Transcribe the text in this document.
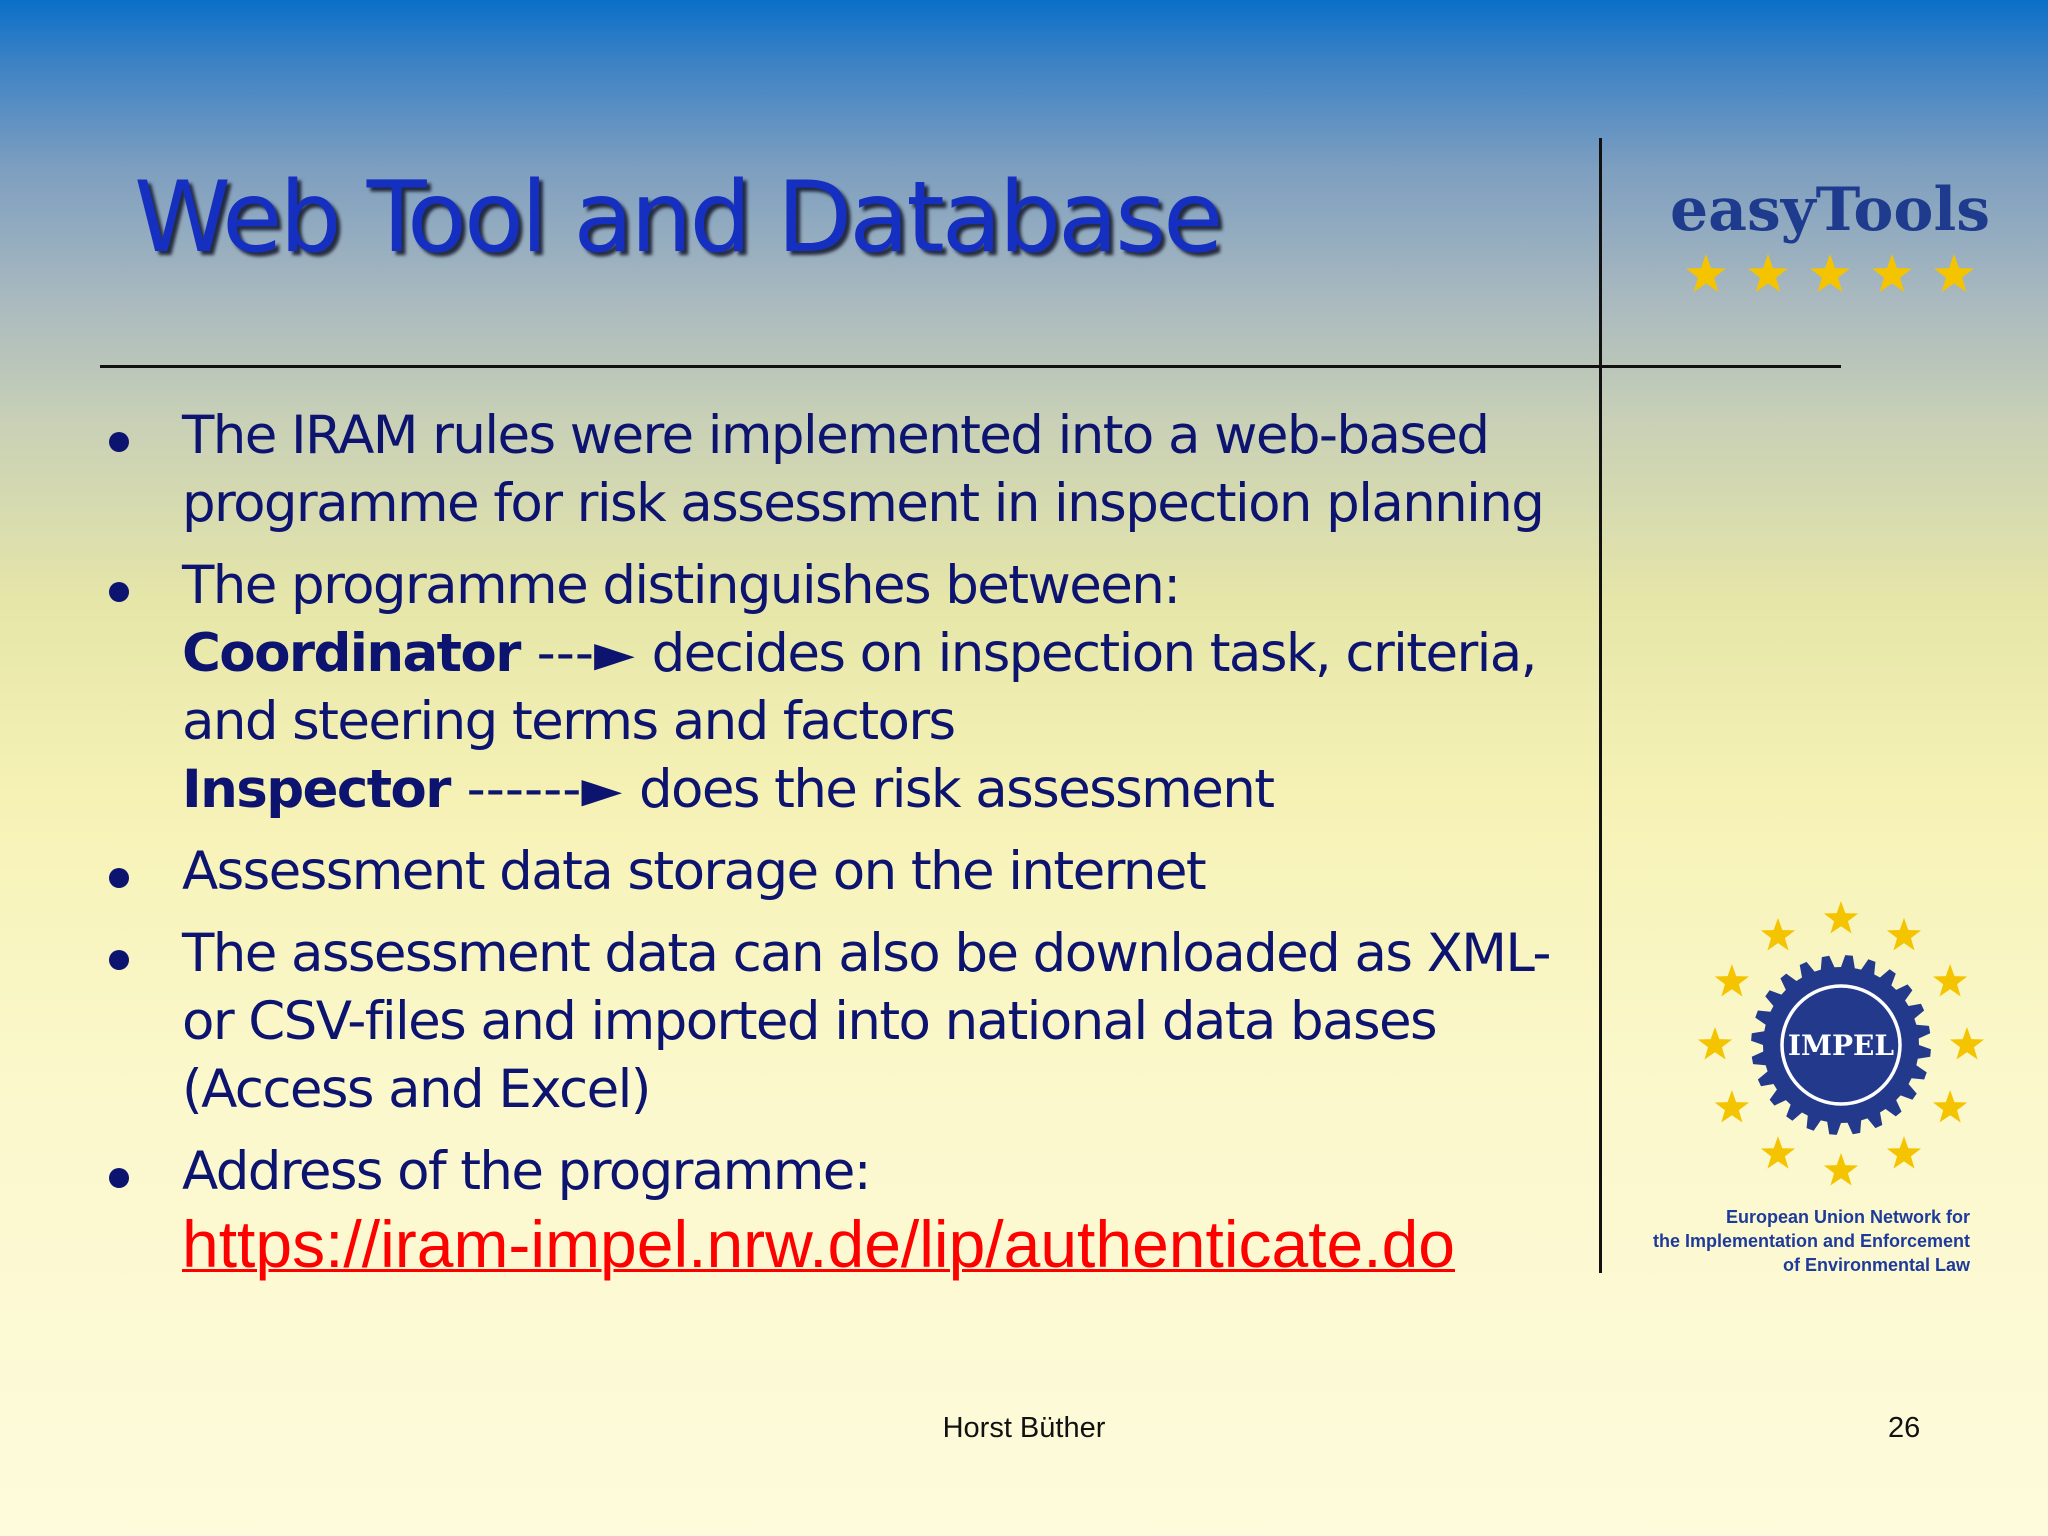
Web Tool and Database	easyTools
The IRAM rules were implemented into a web-based
programme for risk assessment in inspection planning
The programme distinguishes between:
Coordinator ---► decides on inspection task, criteria,
and steering terms and factors
Inspector ------► does the risk assessment
Assessment data storage on the internet
The assessment data can also be downloaded as XML-
or CSV-files and imported into national data bases
(Access and Excel)
Address of the programme:
https://iram-impel.nrw.de/lip/authenticate.do
IMPEL
European Union Network for
the Implementation and Enforcement
of Environmental Law
Horst Büther	26
